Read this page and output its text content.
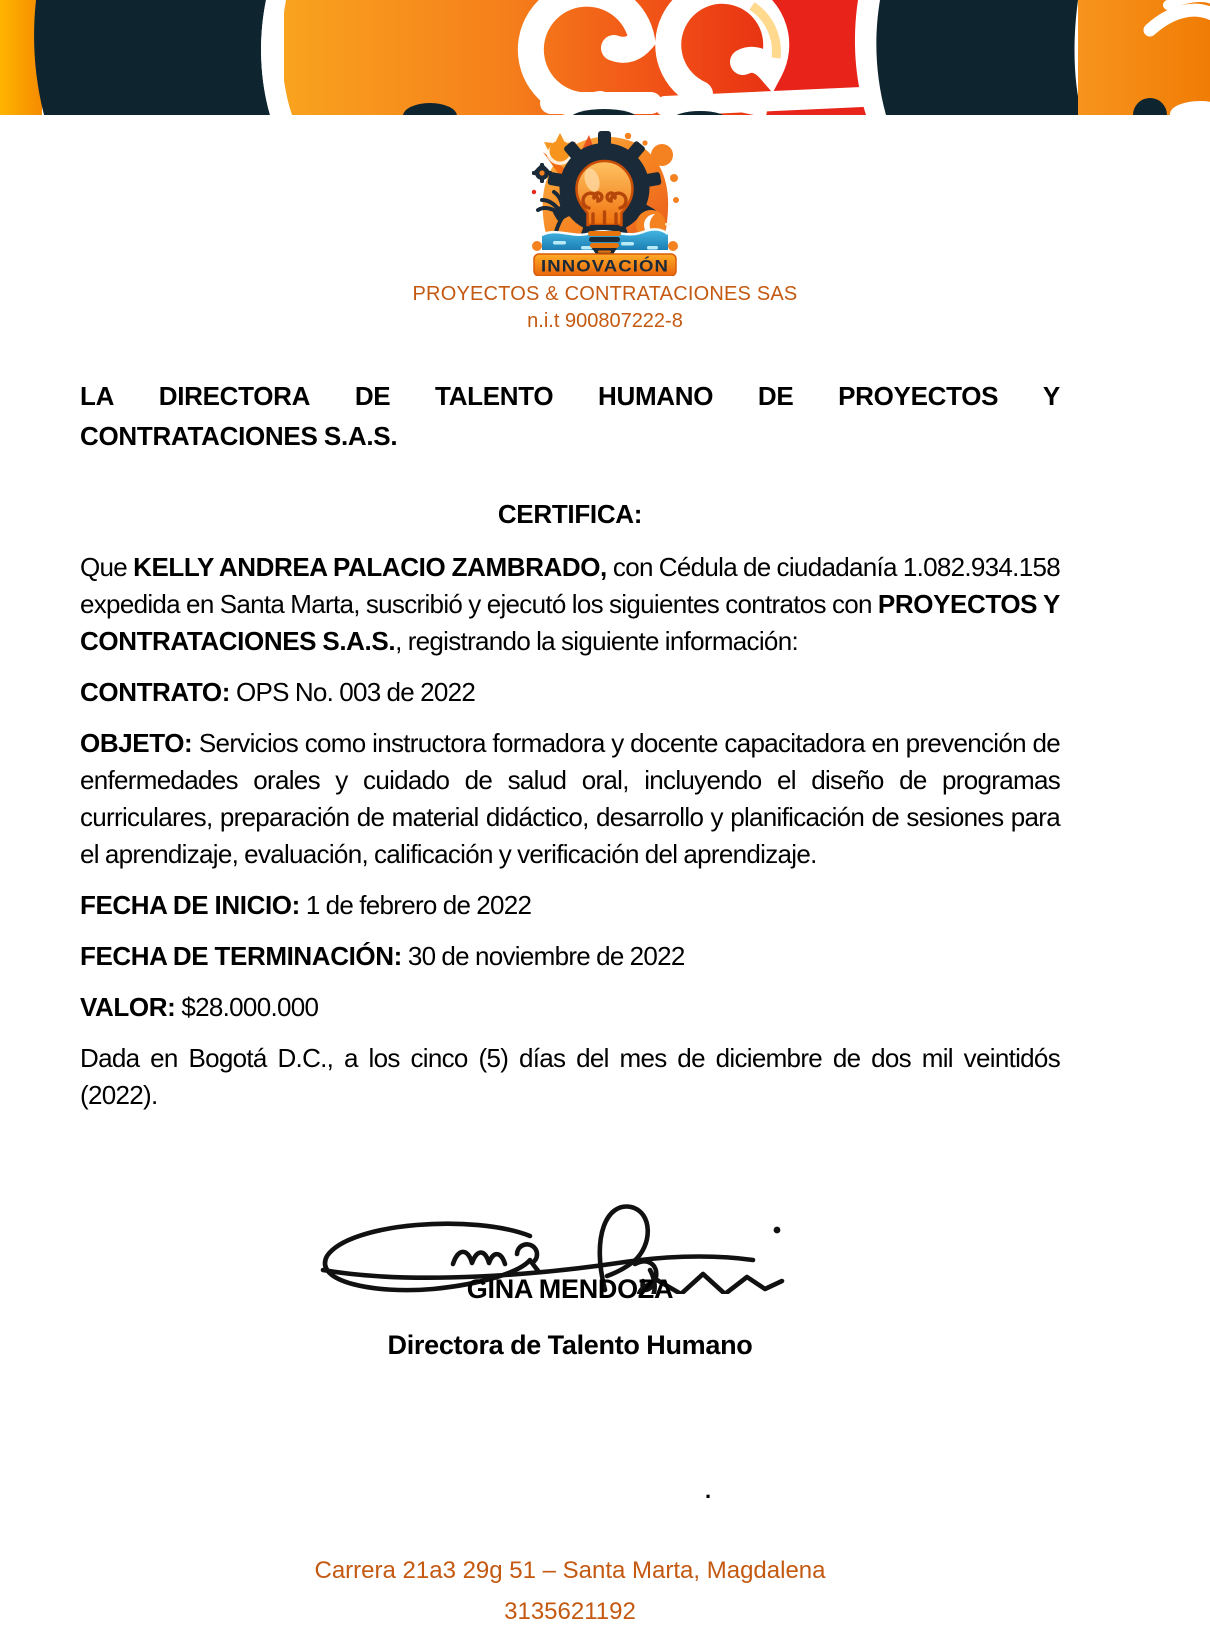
INNOVACIÓN
PROYECTOS & CONTRATACIONES SAS
n.i.t 900807222-8
LA DIRECTORA DE TALENTO HUMANO DE PROYECTOS Y
CONTRATACIONES S.A.S.
CERTIFICA:

Que KELLY ANDREA PALACIO ZAMBRADO, con Cédula de ciudadanía 1.082.934.158 expedida en Santa Marta, suscribió y ejecutó los siguientes contratos con PROYECTOS Y CONTRATACIONES S.A.S., registrando la siguiente información:

CONTRATO: OPS No. 003 de 2022

OBJETO: Servicios como instructora formadora y docente capacitadora en prevención de enfermedades orales y cuidado de salud oral, incluyendo el diseño de programas curriculares, preparación de material didáctico, desarrollo y planificación de sesiones para el aprendizaje, evaluación, calificación y verificación del aprendizaje.

FECHA DE INICIO: 1 de febrero de 2022

FECHA DE TERMINACIÓN: 30 de noviembre de 2022

VALOR: $28.000.000

Dada en Bogotá D.C., a los cinco (5) días del mes de diciembre de dos mil veintidós (2022).

GINA MENDOZA
Directora de Talento Humano
.
Carrera 21a3 29g 51 – Santa Marta, Magdalena
3135621192
